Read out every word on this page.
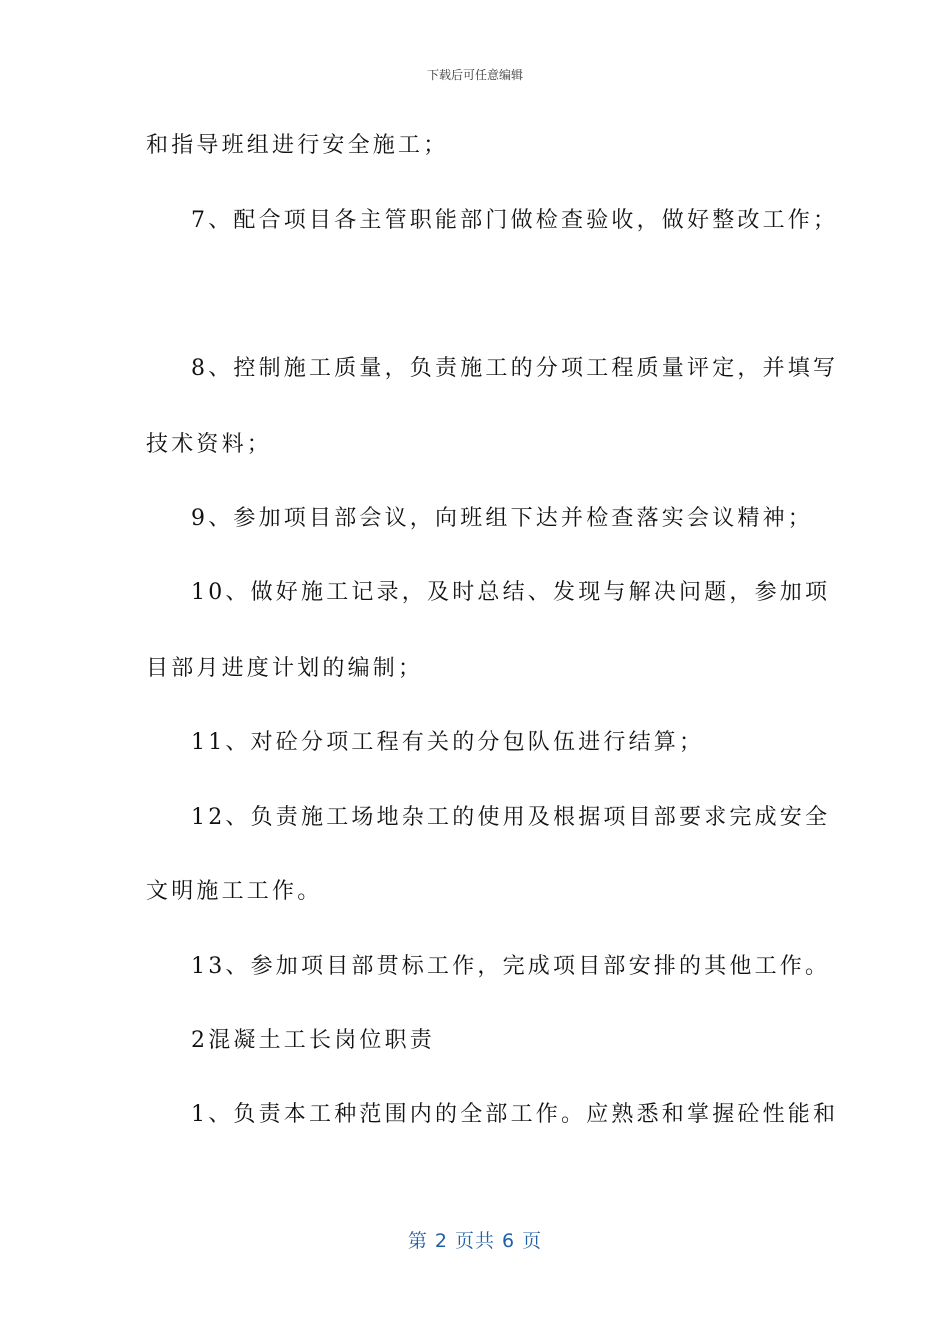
下载后可任意编辑
和指导班组进行安全施工；
7、配合项目各主管职能部门做检查验收，做好整改工作；
8、控制施工质量，负责施工的分项工程质量评定，并填写
技术资料；
9、参加项目部会议，向班组下达并检查落实会议精神；
10、做好施工记录，及时总结、发现与解决问题，参加项
目部月进度计划的编制；
11、对砼分项工程有关的分包队伍进行结算；
12、负责施工场地杂工的使用及根据项目部要求完成安全
文明施工工作。
13、参加项目部贯标工作，完成项目部安排的其他工作。
2混凝土工长岗位职责
1、负责本工种范围内的全部工作。应熟悉和掌握砼性能和
第 2 页共 6 页
